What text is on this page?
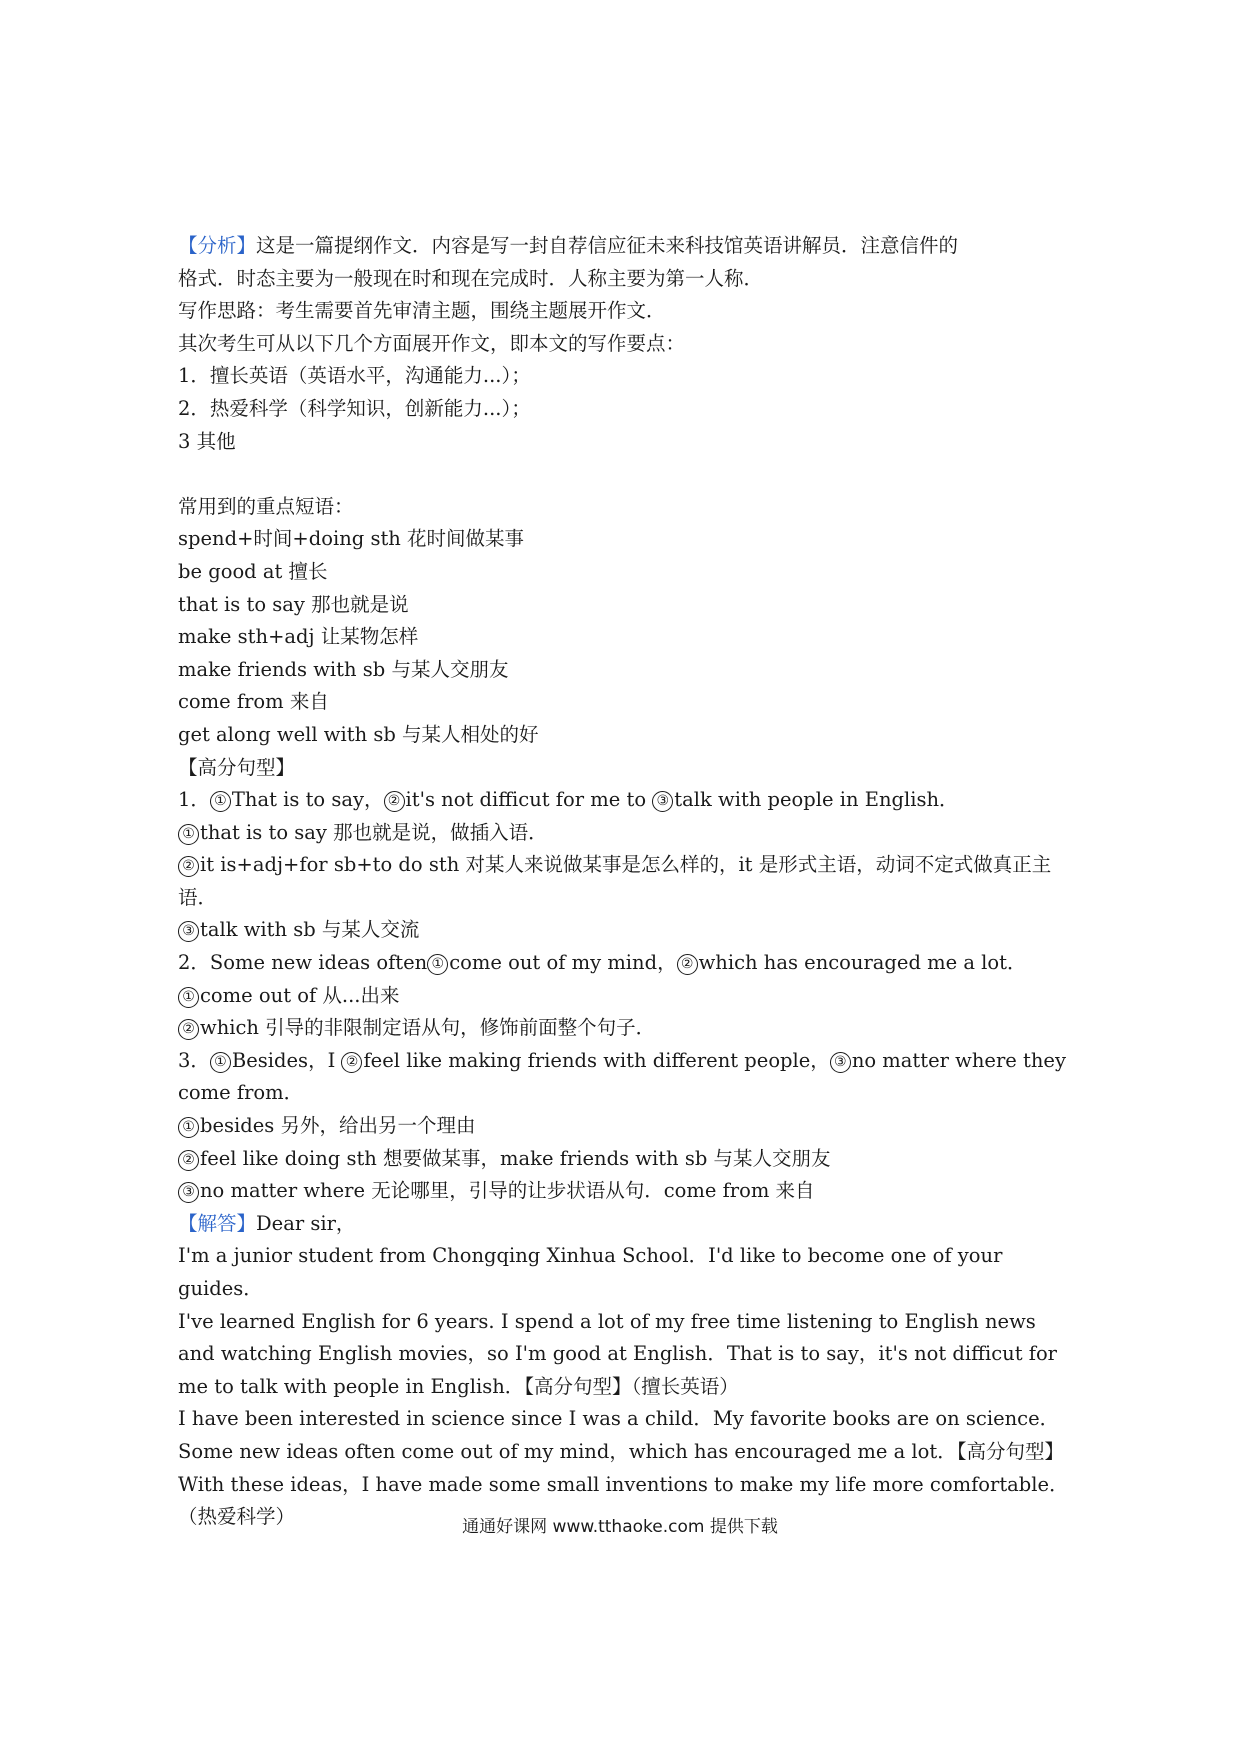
【分析】这是一篇提纲作文．内容是写一封自荐信应征未来科技馆英语讲解员．注意信件的
格式．时态主要为一般现在时和现在完成时．人称主要为第一人称．
写作思路：考生需要首先审清主题，围绕主题展开作文．
其次考生可从以下几个方面展开作文，即本文的写作要点：
1．擅长英语（英语水平，沟通能力...）；
2．热爱科学（科学知识，创新能力...）；
3 其他
常用到的重点短语：
spend+时间+doing sth 花时间做某事
be good at 擅长
that is to say 那也就是说
make sth+adj 让某物怎样
make friends with sb 与某人交朋友
come from 来自
get along well with sb 与某人相处的好
【高分句型】
1． ① That is to say， ② it's not difficut for me to ③ talk with people in English．
① that is to say 那也就是说，做插入语．
② it is+adj+for sb+to do sth 对某人来说做某事是怎么样的，it 是形式主语，动词不定式做真正主语．
③ talk with sb 与某人交流
2．Some new ideas often ① come out of my mind， ② which has encouraged me a lot．
① come out of 从...出来
② which 引导的非限制定语从句，修饰前面整个句子．
3． ① Besides，I ② feel like making friends with different people， ③ no matter where they come from．
① besides 另外，给出另一个理由
② feel like doing sth 想要做某事，make friends with sb 与某人交朋友
③ no matter where 无论哪里，引导的让步状语从句．come from 来自
【解答】Dear sir，
I'm a junior student from Chongqing Xinhua School．I'd like to become one of your guides．
I've learned English for 6 years. I spend a lot of my free time listening to English news and watching English movies，so I'm good at English．That is to say，it's not difficut for me to talk with people in English．【高分句型】（擅长英语）
I have been interested in science since I was a child．My favorite books are on science．Some new ideas often come out of my mind，which has encouraged me a lot．【高分句型】With these ideas，I have made some small inventions to make my life more comfortable．（热爱科学）	通通好课网 www.tthaoke.com 提供下载
